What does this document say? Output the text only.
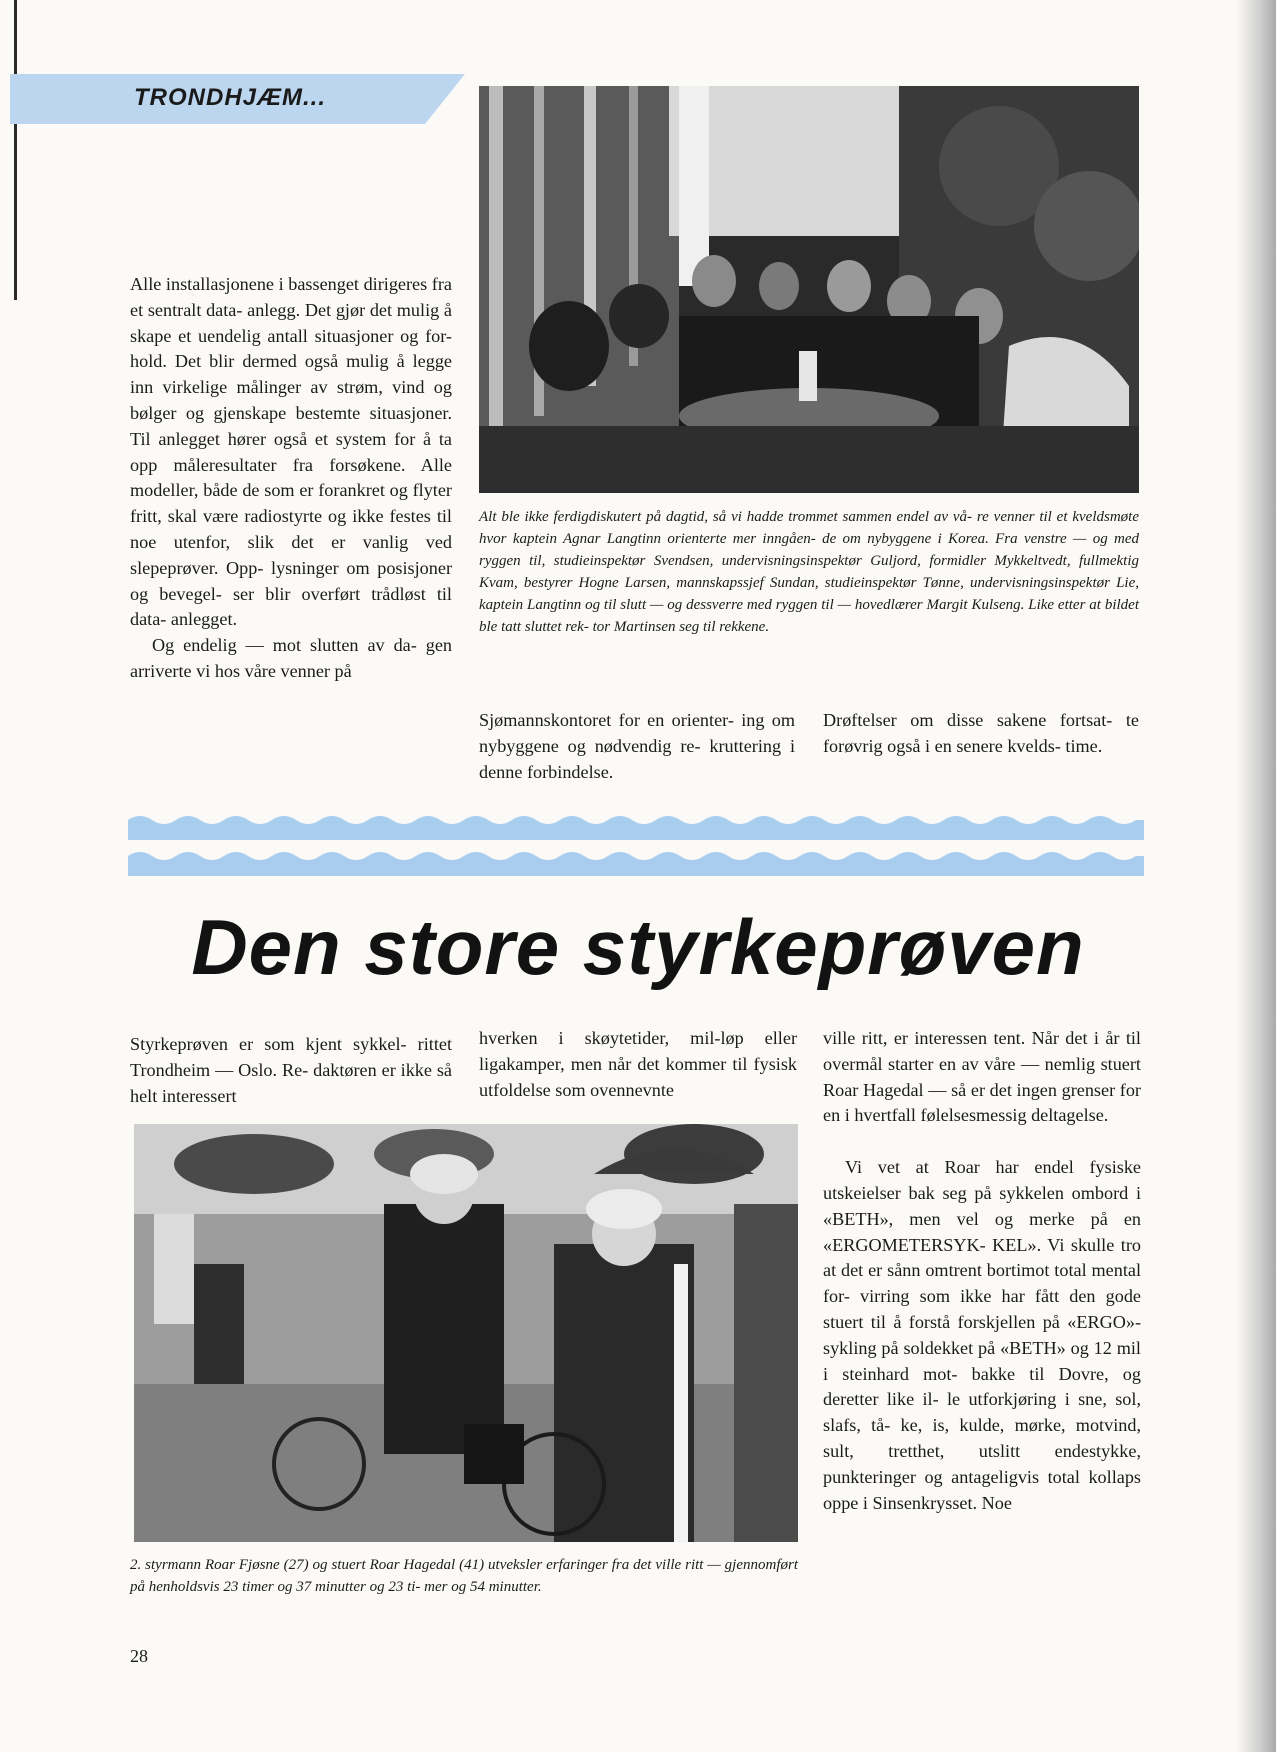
TRONDHJÆM...

Alle installasjonene i bassenget dirigeres fra et sentralt data- anlegg. Det gjør det mulig å skape et uendelig antall situasjoner og for- hold. Det blir dermed også mulig å legge inn virkelige målinger av strøm, vind og bølger og gjenskape bestemte situasjoner. Til anlegget hører også et system for å ta opp måleresultater fra forsøkene. Alle modeller, både de som er forankret og flyter fritt, skal være radiostyrte og ikke festes til noe utenfor, slik det er vanlig ved slepeprøver. Opp- lysninger om posisjoner og bevegel- ser blir overført trådløst til data- anlegget.

Og endelig — mot slutten av da- gen arriverte vi hos våre venner på

Alt ble ikke ferdigdiskutert på dagtid, så vi hadde trommet sammen endel av vå- re venner til et kveldsmøte hvor kaptein Agnar Langtinn orienterte mer inngåen- de om nybyggene i Korea. Fra venstre — og med ryggen til, studieinspektør Svendsen, undervisningsinspektør Guljord, formidler Mykkeltvedt, fullmektig Kvam, bestyrer Hogne Larsen, mannskapssjef Sundan, studieinspektør Tønne, undervisningsinspektør Lie, kaptein Langtinn og til slutt — og dessverre med ryggen til — hovedlærer Margit Kulseng. Like etter at bildet ble tatt sluttet rek- tor Martinsen seg til rekkene.

Sjømannskontoret for en orienter- ing om nybyggene og nødvendig re- kruttering i denne forbindelse.

Drøftelser om disse sakene fortsat- te forøvrig også i en senere kvelds- time.

Den store styrkeprøven

Styrkeprøven er som kjent sykkel- rittet Trondheim — Oslo. Re- daktøren er ikke så helt interessert

hverken i skøytetider, mil-løp eller ligakamper, men når det kommer til fysisk utfoldelse som ovennevnte

ville ritt, er interessen tent. Når det i år til overmål starter en av våre — nemlig stuert Roar Hagedal — så er det ingen grenser for en i hvertfall følelsesmessig deltagelse.

Vi vet at Roar har endel fysiske utskeielser bak seg på sykkelen ombord i «BETH», men vel og merke på en «ERGOMETERSYK- KEL». Vi skulle tro at det er sånn omtrent bortimot total mental for- virring som ikke har fått den gode stuert til å forstå forskjellen på «ERGO»- sykling på soldekket på «BETH» og 12 mil i steinhard mot- bakke til Dovre, og deretter like il- le utforkjøring i sne, sol, slafs, tå- ke, is, kulde, mørke, motvind, sult, tretthet, utslitt endestykke, punkteringer og antageligvis total kollaps oppe i Sinsenkrysset. Noe

2. styrmann Roar Fjøsne (27) og stuert Roar Hagedal (41) utveksler erfaringer fra det ville ritt — gjennomført på henholdsvis 23 timer og 37 minutter og 23 ti- mer og 54 minutter.
28
